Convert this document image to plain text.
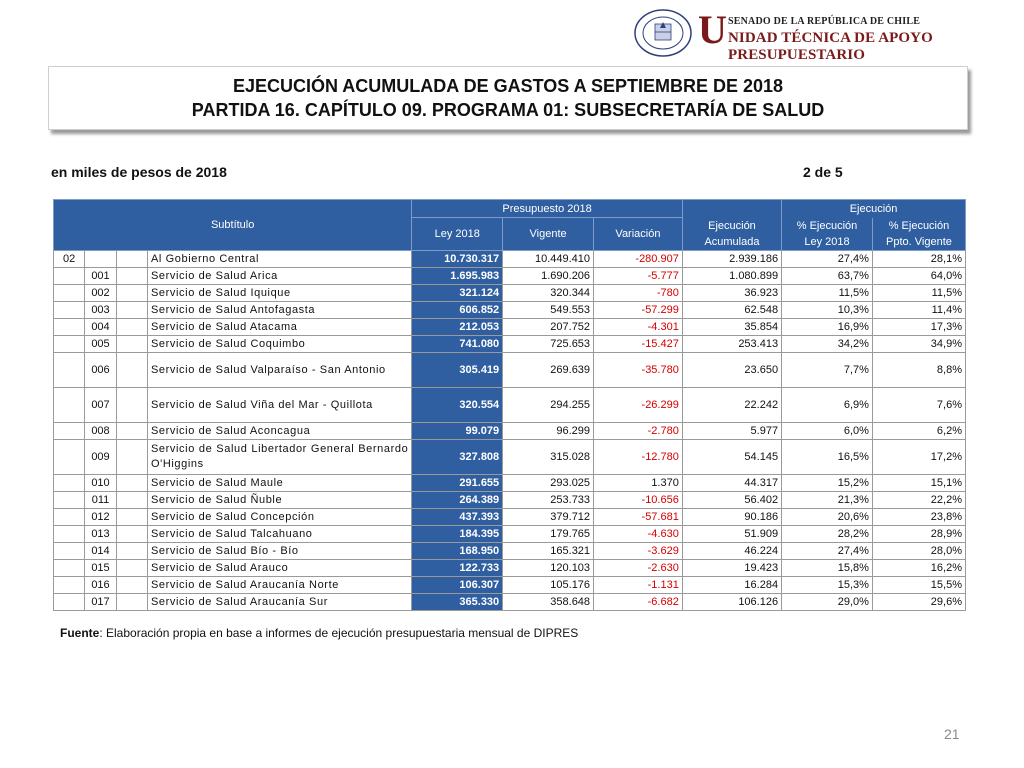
U SENADO DE LA REPÚBLICA DE CHILE
NIDAD TÉCNICA DE APOYO PRESUPUESTARIO
EJECUCIÓN ACUMULADA DE GASTOS A SEPTIEMBRE DE 2018
PARTIDA 16. CAPÍTULO 09. PROGRAMA 01: SUBSECRETARÍA DE SALUD
en miles de pesos de 2018	2 de 5
Subtítulo				Presupuesto 2018				Ejecución	
				Ley 2018	Vigente	Variación	Ejecución	% Ejecución	% Ejecución
							Acumulada	Ley 2018	Ppto. Vigente
02			Al Gobierno Central	10.730.317	10.449.410	-280.907	2.939.186	27,4%	28,1%
	001		Servicio de Salud Arica	1.695.983	1.690.206	-5.777	1.080.899	63,7%	64,0%
	002		Servicio de Salud Iquique	321.124	320.344	-780	36.923	11,5%	11,5%
	003		Servicio de Salud Antofagasta	606.852	549.553	-57.299	62.548	10,3%	11,4%
	004		Servicio de Salud Atacama	212.053	207.752	-4.301	35.854	16,9%	17,3%
	005		Servicio de Salud Coquimbo	741.080	725.653	-15.427	253.413	34,2%	34,9%
	006		Servicio de Salud Valparaíso - San Antonio	305.419	269.639	-35.780	23.650	7,7%	8,8%
	007		Servicio de Salud Viña del Mar - Quillota	320.554	294.255	-26.299	22.242	6,9%	7,6%
	008		Servicio de Salud Aconcagua	99.079	96.299	-2.780	5.977	6,0%	6,2%
	009		Servicio de Salud Libertador General Bernardo O'Higgins	327.808	315.028	-12.780	54.145	16,5%	17,2%
	010		Servicio de Salud Maule	291.655	293.025	1.370	44.317	15,2%	15,1%
	011		Servicio de Salud Ñuble	264.389	253.733	-10.656	56.402	21,3%	22,2%
	012		Servicio de Salud Concepción	437.393	379.712	-57.681	90.186	20,6%	23,8%
	013		Servicio de Salud Talcahuano	184.395	179.765	-4.630	51.909	28,2%	28,9%
	014		Servicio de Salud Bío - Bío	168.950	165.321	-3.629	46.224	27,4%	28,0%
	015		Servicio de Salud Arauco	122.733	120.103	-2.630	19.423	15,8%	16,2%
	016		Servicio de Salud Araucanía Norte	106.307	105.176	-1.131	16.284	15,3%	15,5%
	017		Servicio de Salud Araucanía Sur	365.330	358.648	-6.682	106.126	29,0%	29,6%
Fuente: Elaboración propia en base a informes de ejecución presupuestaria mensual de DIPRES
21
